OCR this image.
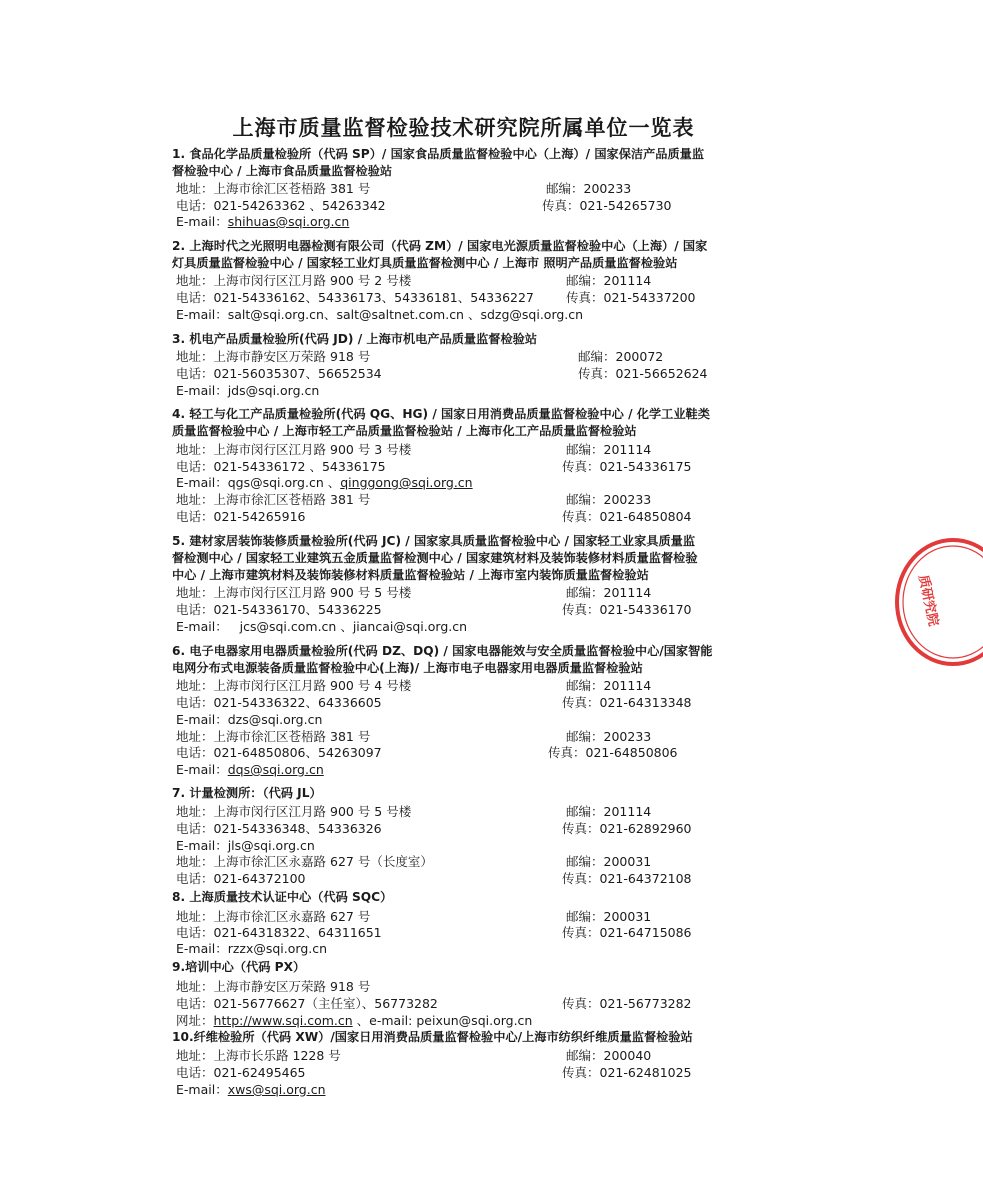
上海市质量监督检验技术研究院所属单位一览表
1. 食品化学品质量检验所（代码 SP）/ 国家食品质量监督检验中心（上海）/ 国家保洁产品质量监
督检验中心 / 上海市食品质量监督检验站
地址：上海市徐汇区苍梧路 381 号	邮编：200233
电话：021-54263362 、54263342	传真：021-54265730
E-mail：shihuas@sqi.org.cn
2. 上海时代之光照明电器检测有限公司（代码 ZM）/ 国家电光源质量监督检验中心（上海）/ 国家
灯具质量监督检验中心 / 国家轻工业灯具质量监督检测中心 / 上海市 照明产品质量监督检验站
地址：上海市闵行区江月路 900 号 2 号楼	邮编：201114
电话：021-54336162、54336173、54336181、54336227	传真：021-54337200
E-mail：salt@sqi.org.cn、salt@saltnet.com.cn 、sdzg@sqi.org.cn
3. 机电产品质量检验所(代码 JD) / 上海市机电产品质量监督检验站
地址：上海市静安区万荣路 918 号	邮编：200072
电话：021-56035307、56652534	传真：021-56652624
E-mail：jds@sqi.org.cn
4. 轻工与化工产品质量检验所(代码 QG、HG) / 国家日用消费品质量监督检验中心 / 化学工业鞋类
质量监督检验中心 / 上海市轻工产品质量监督检验站 / 上海市化工产品质量监督检验站
地址：上海市闵行区江月路 900 号 3 号楼	邮编：201114
电话：021-54336172 、54336175	传真：021-54336175
E-mail：qgs@sqi.org.cn 、qinggong@sqi.org.cn
地址：上海市徐汇区苍梧路 381 号	邮编：200233
电话：021-54265916	传真：021-64850804
5. 建材家居装饰装修质量检验所(代码 JC) / 国家家具质量监督检验中心 / 国家轻工业家具质量监
督检测中心 / 国家轻工业建筑五金质量监督检测中心 / 国家建筑材料及装饰装修材料质量监督检验
中心 / 上海市建筑材料及装饰装修材料质量监督检验站 / 上海市室内装饰质量监督检验站
地址：上海市闵行区江月路 900 号 5 号楼	邮编：201114
电话：021-54336170、54336225	传真：021-54336170
E-mail： jcs@sqi.com.cn 、jiancai@sqi.org.cn
6. 电子电器家用电器质量检验所(代码 DZ、DQ) / 国家电器能效与安全质量监督检验中心/国家智能
电网分布式电源装备质量监督检验中心(上海)/ 上海市电子电器家用电器质量监督检验站
地址：上海市闵行区江月路 900 号 4 号楼	邮编：201114
电话：021-54336322、64336605	传真：021-64313348
E-mail：dzs@sqi.org.cn
地址：上海市徐汇区苍梧路 381 号	邮编：200233
电话：021-64850806、54263097	传真：021-64850806
E-mail：dqs@sqi.org.cn
7. 计量检测所：（代码 JL）
地址：上海市闵行区江月路 900 号 5 号楼	邮编：201114
电话：021-54336348、54336326	传真：021-62892960
E-mail：jls@sqi.org.cn
地址：上海市徐汇区永嘉路 627 号（长度室）	邮编：200031
电话：021-64372100	传真：021-64372108
8. 上海质量技术认证中心（代码 SQC）
地址：上海市徐汇区永嘉路 627 号	邮编：200031
电话：021-64318322、64311651	传真：021-64715086
E-mail：rzzx@sqi.org.cn
9.培训中心（代码 PX）
地址：上海市静安区万荣路 918 号
电话：021-56776627（主任室）、56773282	传真：021-56773282
网址：http://www.sqi.com.cn 、e-mail: peixun@sqi.org.cn
10.纤维检验所（代码 XW）/国家日用消费品质量监督检验中心/上海市纺织纤维质量监督检验站
地址：上海市长乐路 1228 号	邮编：200040
电话：021-62495465	传真：021-62481025
E-mail：xws@sqi.org.cn
质研究院
